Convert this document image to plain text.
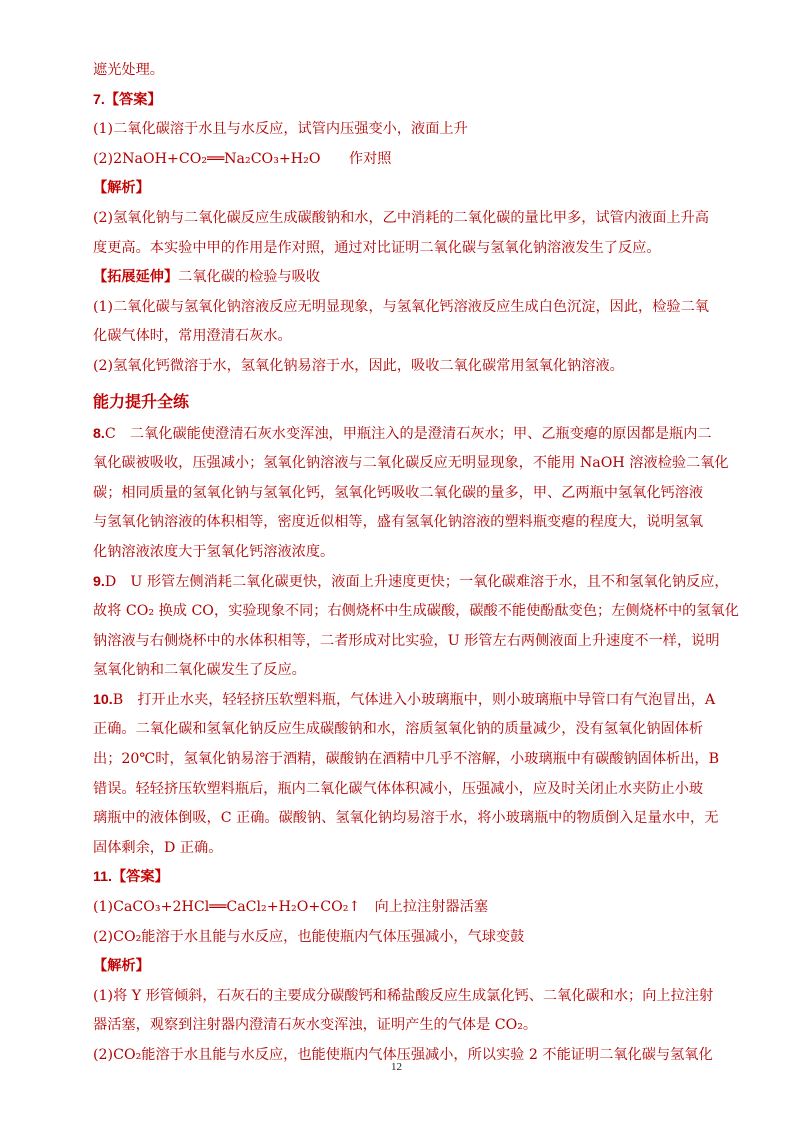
遮光处理。
7.【答案】
(1)二氧化碳溶于水且与水反应，试管内压强变小，液面上升
(2)2NaOH+CO₂══Na₂CO₃+H₂O　　作对照
【解析】
(2)氢氧化钠与二氧化碳反应生成碳酸钠和水，乙中消耗的二氧化碳的量比甲多，试管内液面上升高
度更高。本实验中甲的作用是作对照，通过对比证明二氧化碳与氢氧化钠溶液发生了反应。
【拓展延伸】二氧化碳的检验与吸收
(1)二氧化碳与氢氧化钠溶液反应无明显现象，与氢氧化钙溶液反应生成白色沉淀，因此，检验二氧
化碳气体时，常用澄清石灰水。
(2)氢氧化钙微溶于水，氢氧化钠易溶于水，因此，吸收二氧化碳常用氢氧化钠溶液。
能力提升全练
8.C　二氧化碳能使澄清石灰水变浑浊，甲瓶注入的是澄清石灰水；甲、乙瓶变瘪的原因都是瓶内二
氧化碳被吸收，压强减小；氢氧化钠溶液与二氧化碳反应无明显现象，不能用 NaOH 溶液检验二氧化
碳；相同质量的氢氧化钠与氢氧化钙，氢氧化钙吸收二氧化碳的量多，甲、乙两瓶中氢氧化钙溶液
与氢氧化钠溶液的体积相等，密度近似相等，盛有氢氧化钠溶液的塑料瓶变瘪的程度大，说明氢氧
化钠溶液浓度大于氢氧化钙溶液浓度。
9.D　U 形管左侧消耗二氧化碳更快，液面上升速度更快；一氧化碳难溶于水，且不和氢氧化钠反应，
故将 CO₂ 换成 CO，实验现象不同；右侧烧杯中生成碳酸，碳酸不能使酚酞变色；左侧烧杯中的氢氧化
钠溶液与右侧烧杯中的水体积相等，二者形成对比实验，U 形管左右两侧液面上升速度不一样，说明
氢氧化钠和二氧化碳发生了反应。
10.B　打开止水夹，轻轻挤压软塑料瓶，气体进入小玻璃瓶中，则小玻璃瓶中导管口有气泡冒出，A
正确。二氧化碳和氢氧化钠反应生成碳酸钠和水，溶质氢氧化钠的质量减少，没有氢氧化钠固体析
出；20℃时，氢氧化钠易溶于酒精，碳酸钠在酒精中几乎不溶解，小玻璃瓶中有碳酸钠固体析出，B
错误。轻轻挤压软塑料瓶后，瓶内二氧化碳气体体积减小，压强减小，应及时关闭止水夹防止小玻
璃瓶中的液体倒吸，C 正确。碳酸钠、氢氧化钠均易溶于水，将小玻璃瓶中的物质倒入足量水中，无
固体剩余，D 正确。
11.【答案】
(1)CaCO₃+2HCl══CaCl₂+H₂O+CO₂↑　向上拉注射器活塞
(2)CO₂能溶于水且能与水反应，也能使瓶内气体压强减小，气球变鼓
【解析】
(1)将 Y 形管倾斜，石灰石的主要成分碳酸钙和稀盐酸反应生成氯化钙、二氧化碳和水；向上拉注射
器活塞，观察到注射器内澄清石灰水变浑浊，证明产生的气体是 CO₂。
(2)CO₂能溶于水且能与水反应，也能使瓶内气体压强减小，所以实验 2 不能证明二氧化碳与氢氧化
12
